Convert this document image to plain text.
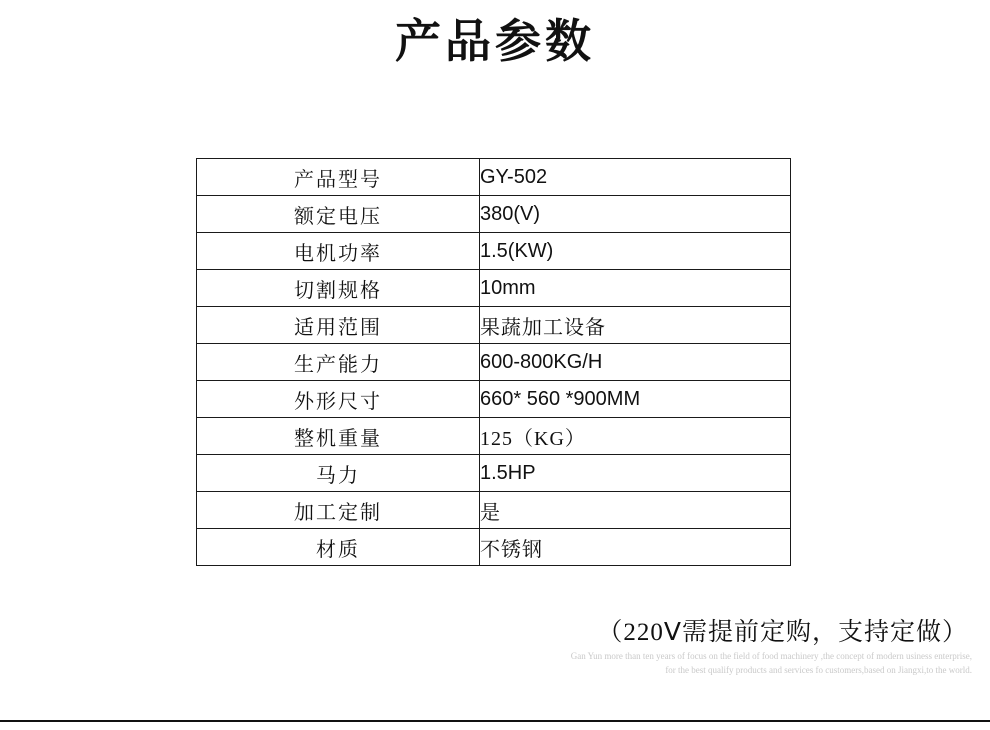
产品参数
产品型号	GY-502
额定电压	380(V)
电机功率	1.5(KW)
切割规格	10mm
适用范围	果蔬加工设备
生产能力	600-800KG/H
外形尺寸	660* 560 *900MM
整机重量	125（KG）
马力	1.5HP
加工定制	是
材质	不锈钢
（220Ⅴ需提前定购，支持定做）
Gan Yun more than ten years of focus on the field of food machinery ,the concept of modern usiness enterprise,
for the best qualify products and services fo customers,based on Jiangxi,to the world.
